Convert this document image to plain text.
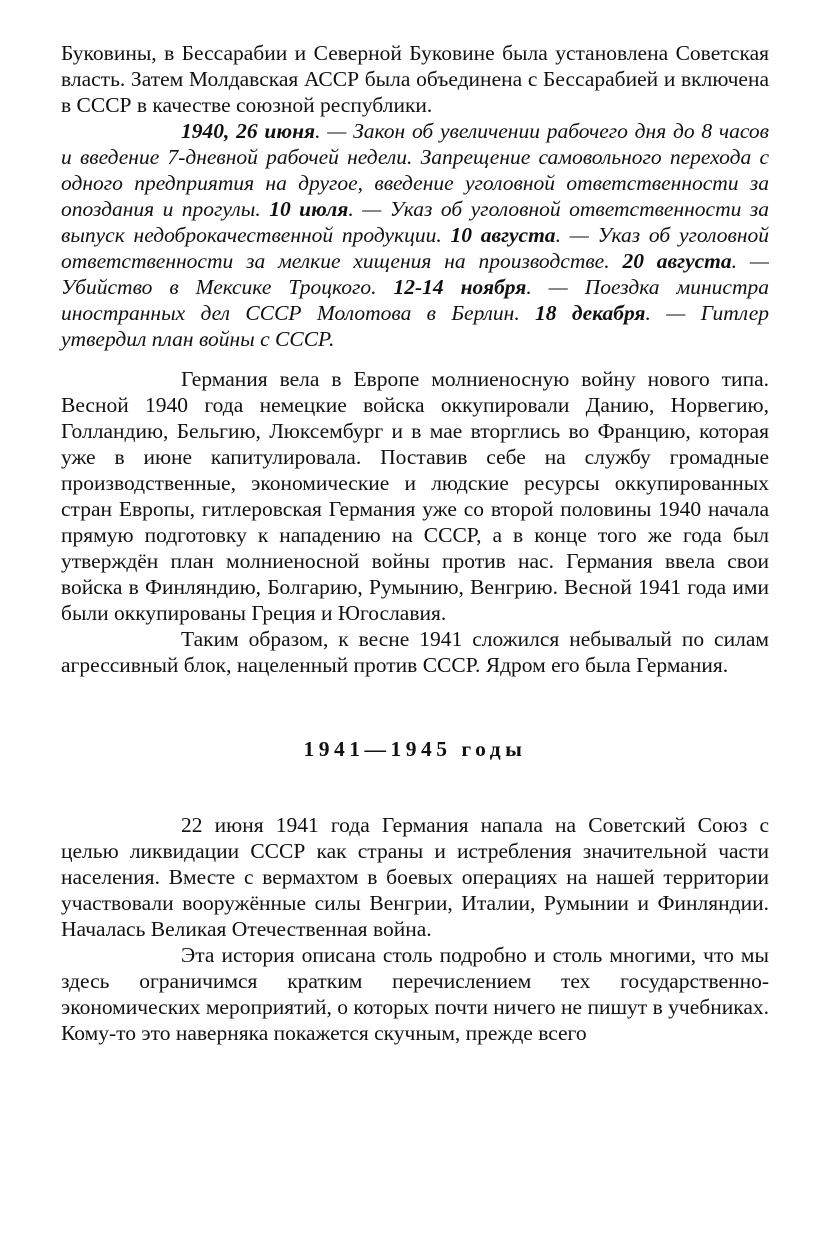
Буковины, в Бессарабии и Северной Буковине была установлена Советская власть. Затем Молдавская АССР была объединена с Бессарабией и включена в СССР в качестве союзной республики.

1940, 26 июня. — Закон об увеличении рабочего дня до 8 часов и введение 7-дневной рабочей недели. Запрещение самовольного перехода с одного предприятия на другое, введение уголовной ответственности за опоздания и прогулы. 10 июля. — Указ об уголовной ответственности за выпуск недоброкачественной продукции. 10 августа. — Указ об уголовной ответственности за мелкие хищения на производстве. 20 августа. — Убийство в Мексике Троцкого. 12-14 ноября. — Поездка министра иностранных дел СССР Молотова в Берлин. 18 декабря. — Гитлер утвердил план войны с СССР.

Германия вела в Европе молниеносную войну нового типа. Весной 1940 года немецкие войска оккупировали Данию, Норвегию, Голландию, Бельгию, Люксембург и в мае вторглись во Францию, которая уже в июне капитулировала. Поставив себе на службу громадные производственные, экономические и людские ресурсы оккупированных стран Европы, гитлеровская Германия уже со второй половины 1940 начала прямую подготовку к нападению на СССР, а в конце того же года был утверждён план молниеносной войны против нас. Германия ввела свои войска в Финляндию, Болгарию, Румынию, Венгрию. Весной 1941 года ими были оккупированы Греция и Югославия.

Таким образом, к весне 1941 сложился небывалый по силам агрессивный блок, нацеленный против СССР. Ядром его была Германия.

1941—1945 годы

22 июня 1941 года Германия напала на Советский Союз с целью ликвидации СССР как страны и истребления значительной части населения. Вместе с вермахтом в боевых операциях на нашей территории участвовали вооружённые силы Венгрии, Италии, Румынии и Финляндии. Началась Великая Отечественная война.

Эта история описана столь подробно и столь многими, что мы здесь ограничимся кратким перечислением тех государственно-экономических мероприятий, о которых почти ничего не пишут в учебниках. Кому-то это наверняка покажется скучным, прежде всего
